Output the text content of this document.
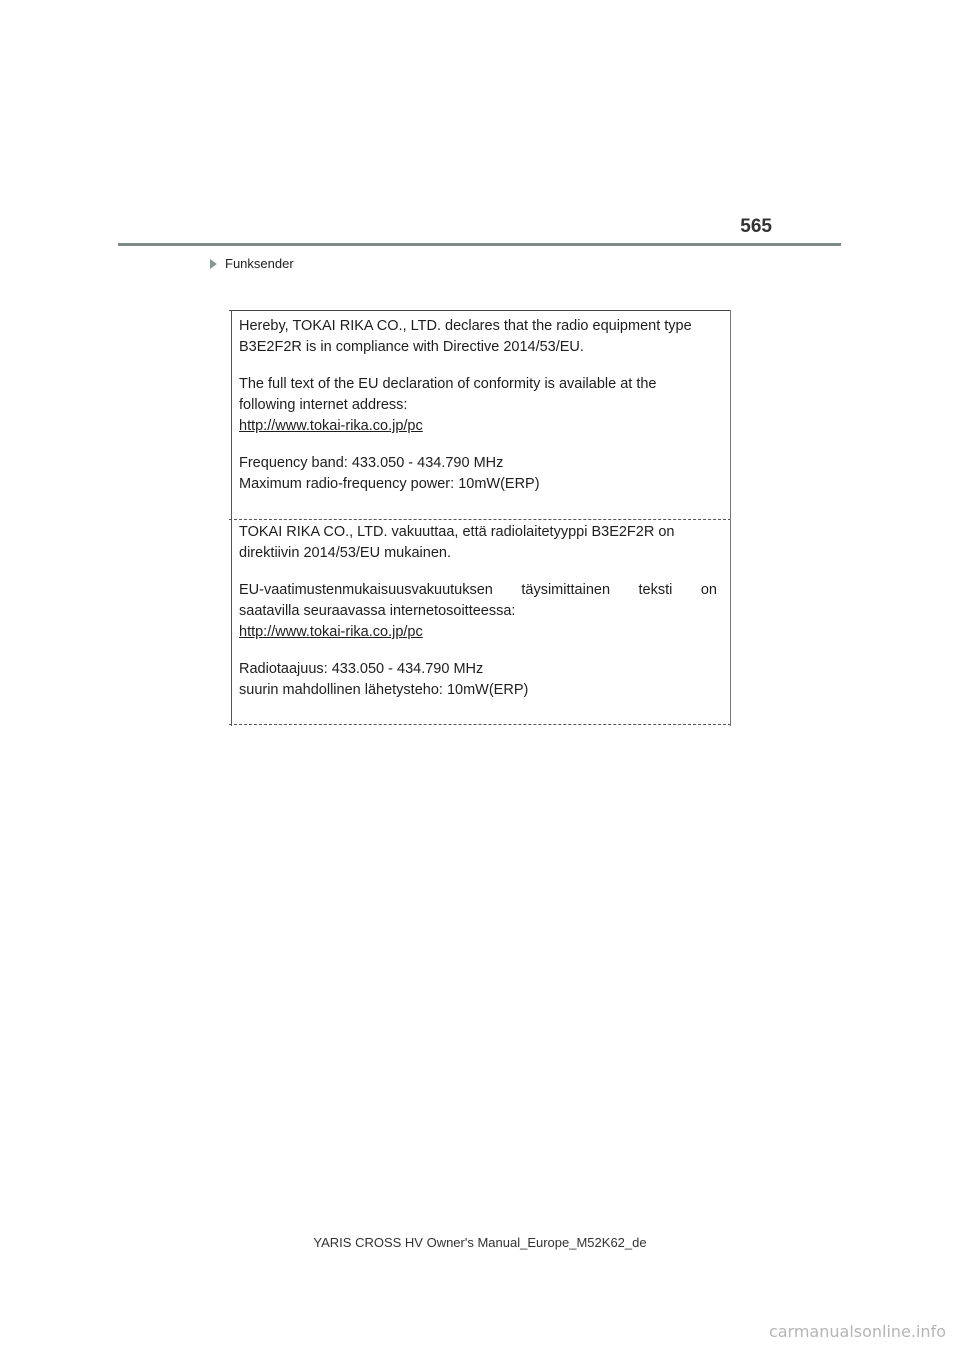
565
Funksender

Hereby, TOKAI RIKA CO., LTD. declares that the radio equipment type

B3E2F2R is in compliance with Directive 2014/53/EU.

The full text of the EU declaration of conformity is available at the

following internet address:

http://www.tokai-rika.co.jp/pc

Frequency band: 433.050 - 434.790 MHz

Maximum radio-frequency power: 10mW(ERP)

TOKAI RIKA CO., LTD. vakuuttaa, että radiolaitetyyppi B3E2F2R on

direktiivin 2014/53/EU mukainen.

EU-vaatimustenmukaisuusvakuutuksen täysimittainen teksti on

saatavilla seuraavassa internetosoitteessa:

http://www.tokai-rika.co.jp/pc

Radiotaajuus: 433.050 - 434.790 MHz

suurin mahdollinen lähetysteho: 10mW(ERP)

YARIS CROSS HV Owner's Manual_Europe_M52K62_de
carmanualsonline.info
